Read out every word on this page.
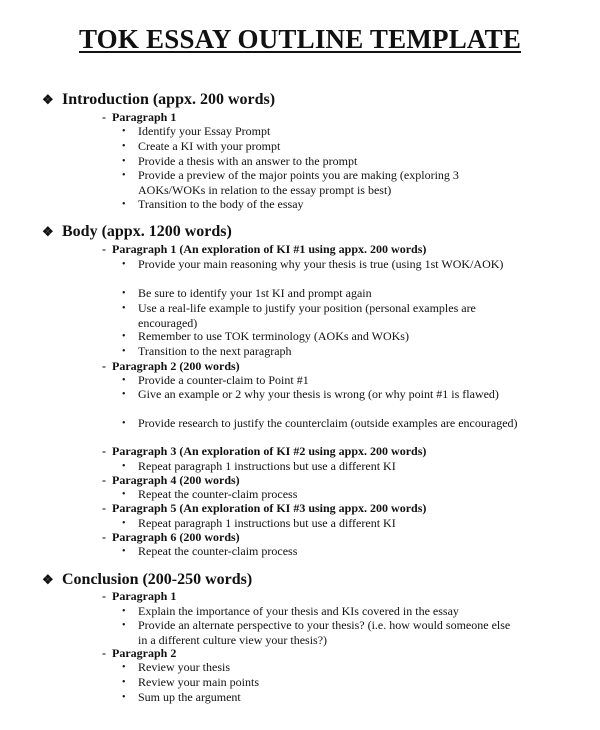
TOK ESSAY OUTLINE TEMPLATE
❖ Introduction (appx. 200 words)
- Paragraph 1
• Identify your Essay Prompt
• Create a KI with your prompt
• Provide a thesis with an answer to the prompt
• Provide a preview of the major points you are making (exploring 3 AOKs/WOKs in relation to the essay prompt is best)
• Transition to the body of the essay
❖ Body (appx. 1200 words)
- Paragraph 1 (An exploration of KI #1 using appx. 200 words)
• Provide your main reasoning why your thesis is true (using 1st WOK/AOK)
• Be sure to identify your 1st KI and prompt again
• Use a real-life example to justify your position (personal examples are encouraged)
• Remember to use TOK terminology (AOKs and WOKs)
• Transition to the next paragraph
- Paragraph 2 (200 words)
• Provide a counter-claim to Point #1
• Give an example or 2 why your thesis is wrong (or why point #1 is flawed)
• Provide research to justify the counterclaim (outside examples are encouraged)
- Paragraph 3 (An exploration of KI #2 using appx. 200 words)
• Repeat paragraph 1 instructions but use a different KI
- Paragraph 4 (200 words)
• Repeat the counter-claim process
- Paragraph 5 (An exploration of KI #3 using appx. 200 words)
• Repeat paragraph 1 instructions but use a different KI
- Paragraph 6 (200 words)
• Repeat the counter-claim process
❖ Conclusion (200-250 words)
- Paragraph 1
• Explain the importance of your thesis and KIs covered in the essay
• Provide an alternate perspective to your thesis? (i.e. how would someone else in a different culture view your thesis?)
- Paragraph 2
• Review your thesis
• Review your main points
• Sum up the argument
